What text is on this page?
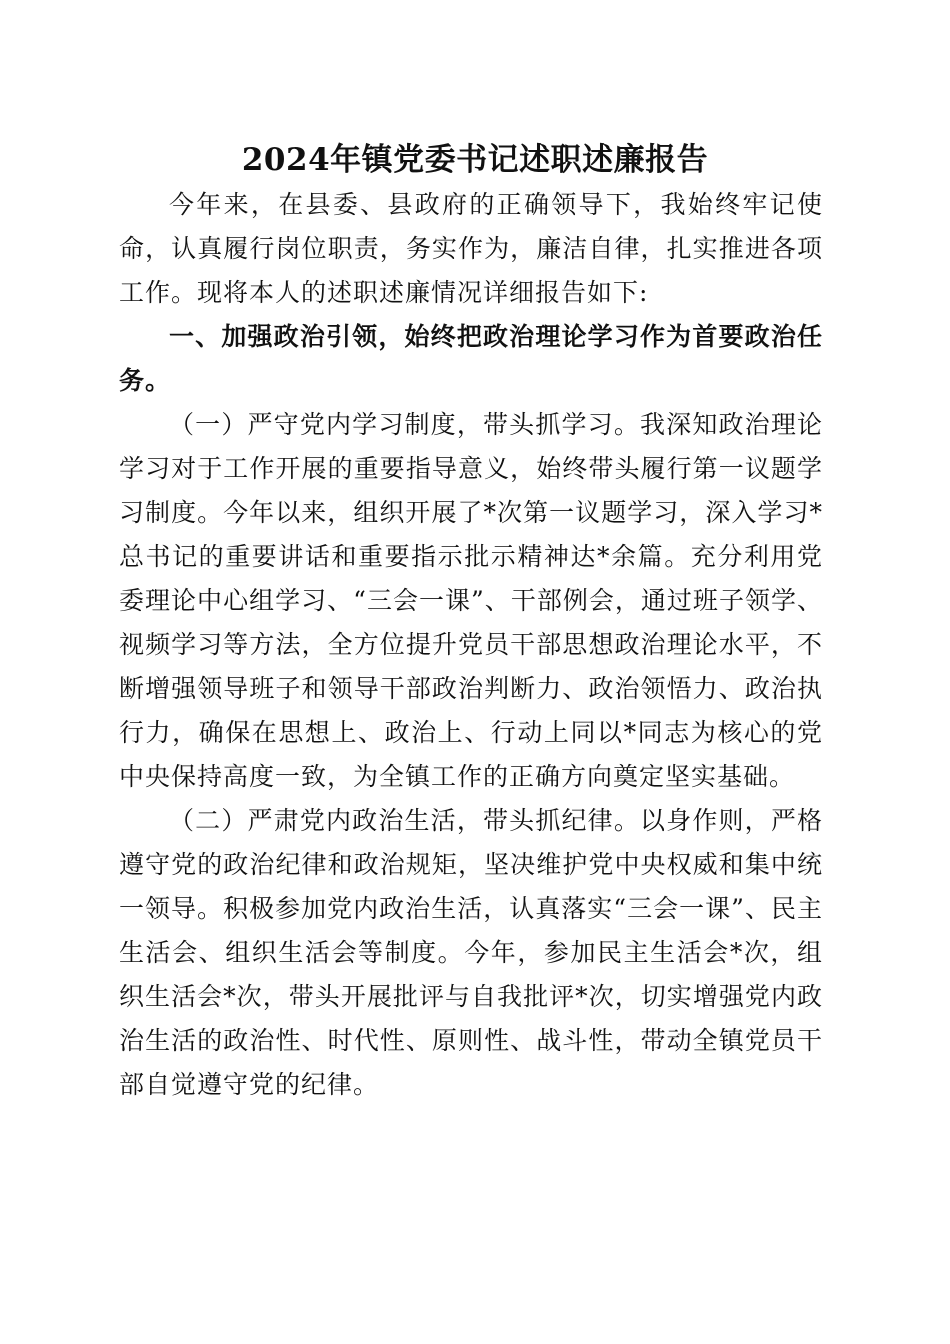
2024年镇党委书记述职述廉报告

今年来，在县委、县政府的正确领导下，我始终牢记使命，认真履行岗位职责，务实作为，廉洁自律，扎实推进各项工作。现将本人的述职述廉情况详细报告如下:

一、加强政治引领，始终把政治理论学习作为首要政治任务。

（一）严守党内学习制度，带头抓学习。我深知政治理论学习对于工作开展的重要指导意义，始终带头履行第一议题学习制度。今年以来，组织开展了*次第一议题学习，深入学习*总书记的重要讲话和重要指示批示精神达*余篇。充分利用党委理论中心组学习、“三会一课”、干部例会，通过班子领学、视频学习等方法，全方位提升党员干部思想政治理论水平，不断增强领导班子和领导干部政治判断力、政治领悟力、政治执行力，确保在思想上、政治上、行动上同以*同志为核心的党中央保持高度一致，为全镇工作的正确方向奠定坚实基础。

（二）严肃党内政治生活，带头抓纪律。以身作则，严格遵守党的政治纪律和政治规矩，坚决维护党中央权威和集中统一领导。积极参加党内政治生活，认真落实“三会一课”、民主生活会、组织生活会等制度。今年，参加民主生活会*次，组织生活会*次，带头开展批评与自我批评*次，切实增强党内政治生活的政治性、时代性、原则性、战斗性，带动全镇党员干部自觉遵守党的纪律。
